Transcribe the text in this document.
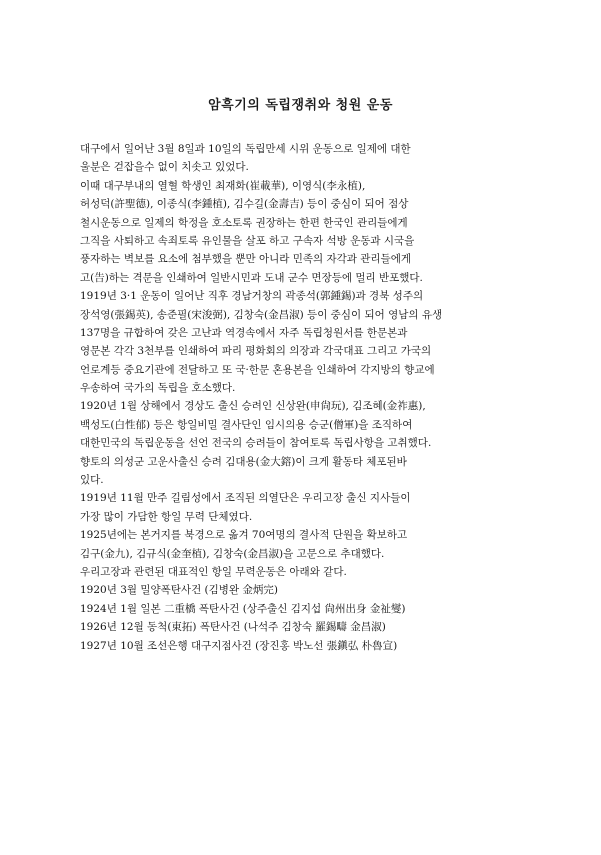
암흑기의 독립쟁취와 청원 운동
대구에서 일어난 3월 8일과 10일의 독립만세 시위 운동으로 일제에 대한
울분은 걷잡을수 없이 치솟고 있었다.
이때 대구부내의 열혈 학생인 최재화(崔載華), 이영식(李永植),
허성덕(許聖德), 이종식(李鍾植), 김수길(金壽吉) 등이 중심이 되어 점상
철시운동으로 일제의 학정을 호소토록 권장하는 한편 한국인 관리들에게
그직을 사퇴하고 속죄토록 유인물을 살포 하고 구속자 석방 운동과 시국을
풍자하는 벽보를 요소에 첨부했을 뿐만 아니라 민족의 자각과 관리들에게
고(告)하는 격문을 인쇄하여 일반시민과 도내 군수 면장등에 멀리 반포했다.
1919년 3·1 운동이 일어난 직후 경남거창의 곽종석(郭鍾錫)과 경북 성주의
장석영(張錫英), 송준필(宋浚弼), 김창숙(金昌淑) 등이 중심이 되어 영남의 유생
137명을 규합하여 갖은 고난과 역경속에서 자주 독립청원서를 한문본과
영문본 각각 3천부를 인쇄하여 파리 평화회의 의장과 각국대표 그리고 가국의
언로계등 중요기관에 전달하고 또 국·한문 혼용본을 인쇄하여 각지방의 향교에
우송하여 국가의 독립을 호소했다.
1920년 1월 상해에서 경상도 출신 승려인 신상완(申尙玩), 김조혜(金祚惠),
백성도(白性郁) 등은 항일비밀 결사단인 임시의용 승군(僧軍)을 조직하여
대한민국의 독립운동을 선언 전국의 승려들이 참여토록 독립사항을 고취했다.
향토의 의성군 고운사출신 승려 김대용(金大鎔)이 크게 활동타 체포된바
있다.
1919년 11월 만주 길림성에서 조직된 의열단은 우리고장 출신 지사들이
가장 많이 가담한 항일 무력 단체였다.
1925년에는 본거지를 북경으로 옮겨 70여명의 결사적 단원을 확보하고
김구(金九), 김규식(金奎植), 김창숙(金昌淑)을 고문으로 추대했다.
우리고장과 관련된 대표적인 항일 무력운동은 아래와 같다.
1920년 3월 밀양폭탄사건 (김병완 金炳完)
1924년 1월 일본 二重橋 폭탄사건 (상주출신 김지섭 尙州出身 金祉燮)
1926년 12월 동척(東拓) 폭탄사건 (나석주 김창숙 羅錫疇 金昌淑)
1927년 10월 조선은행 대구지점사건 (장진홍 박노선 張鎭弘 朴魯宣)
